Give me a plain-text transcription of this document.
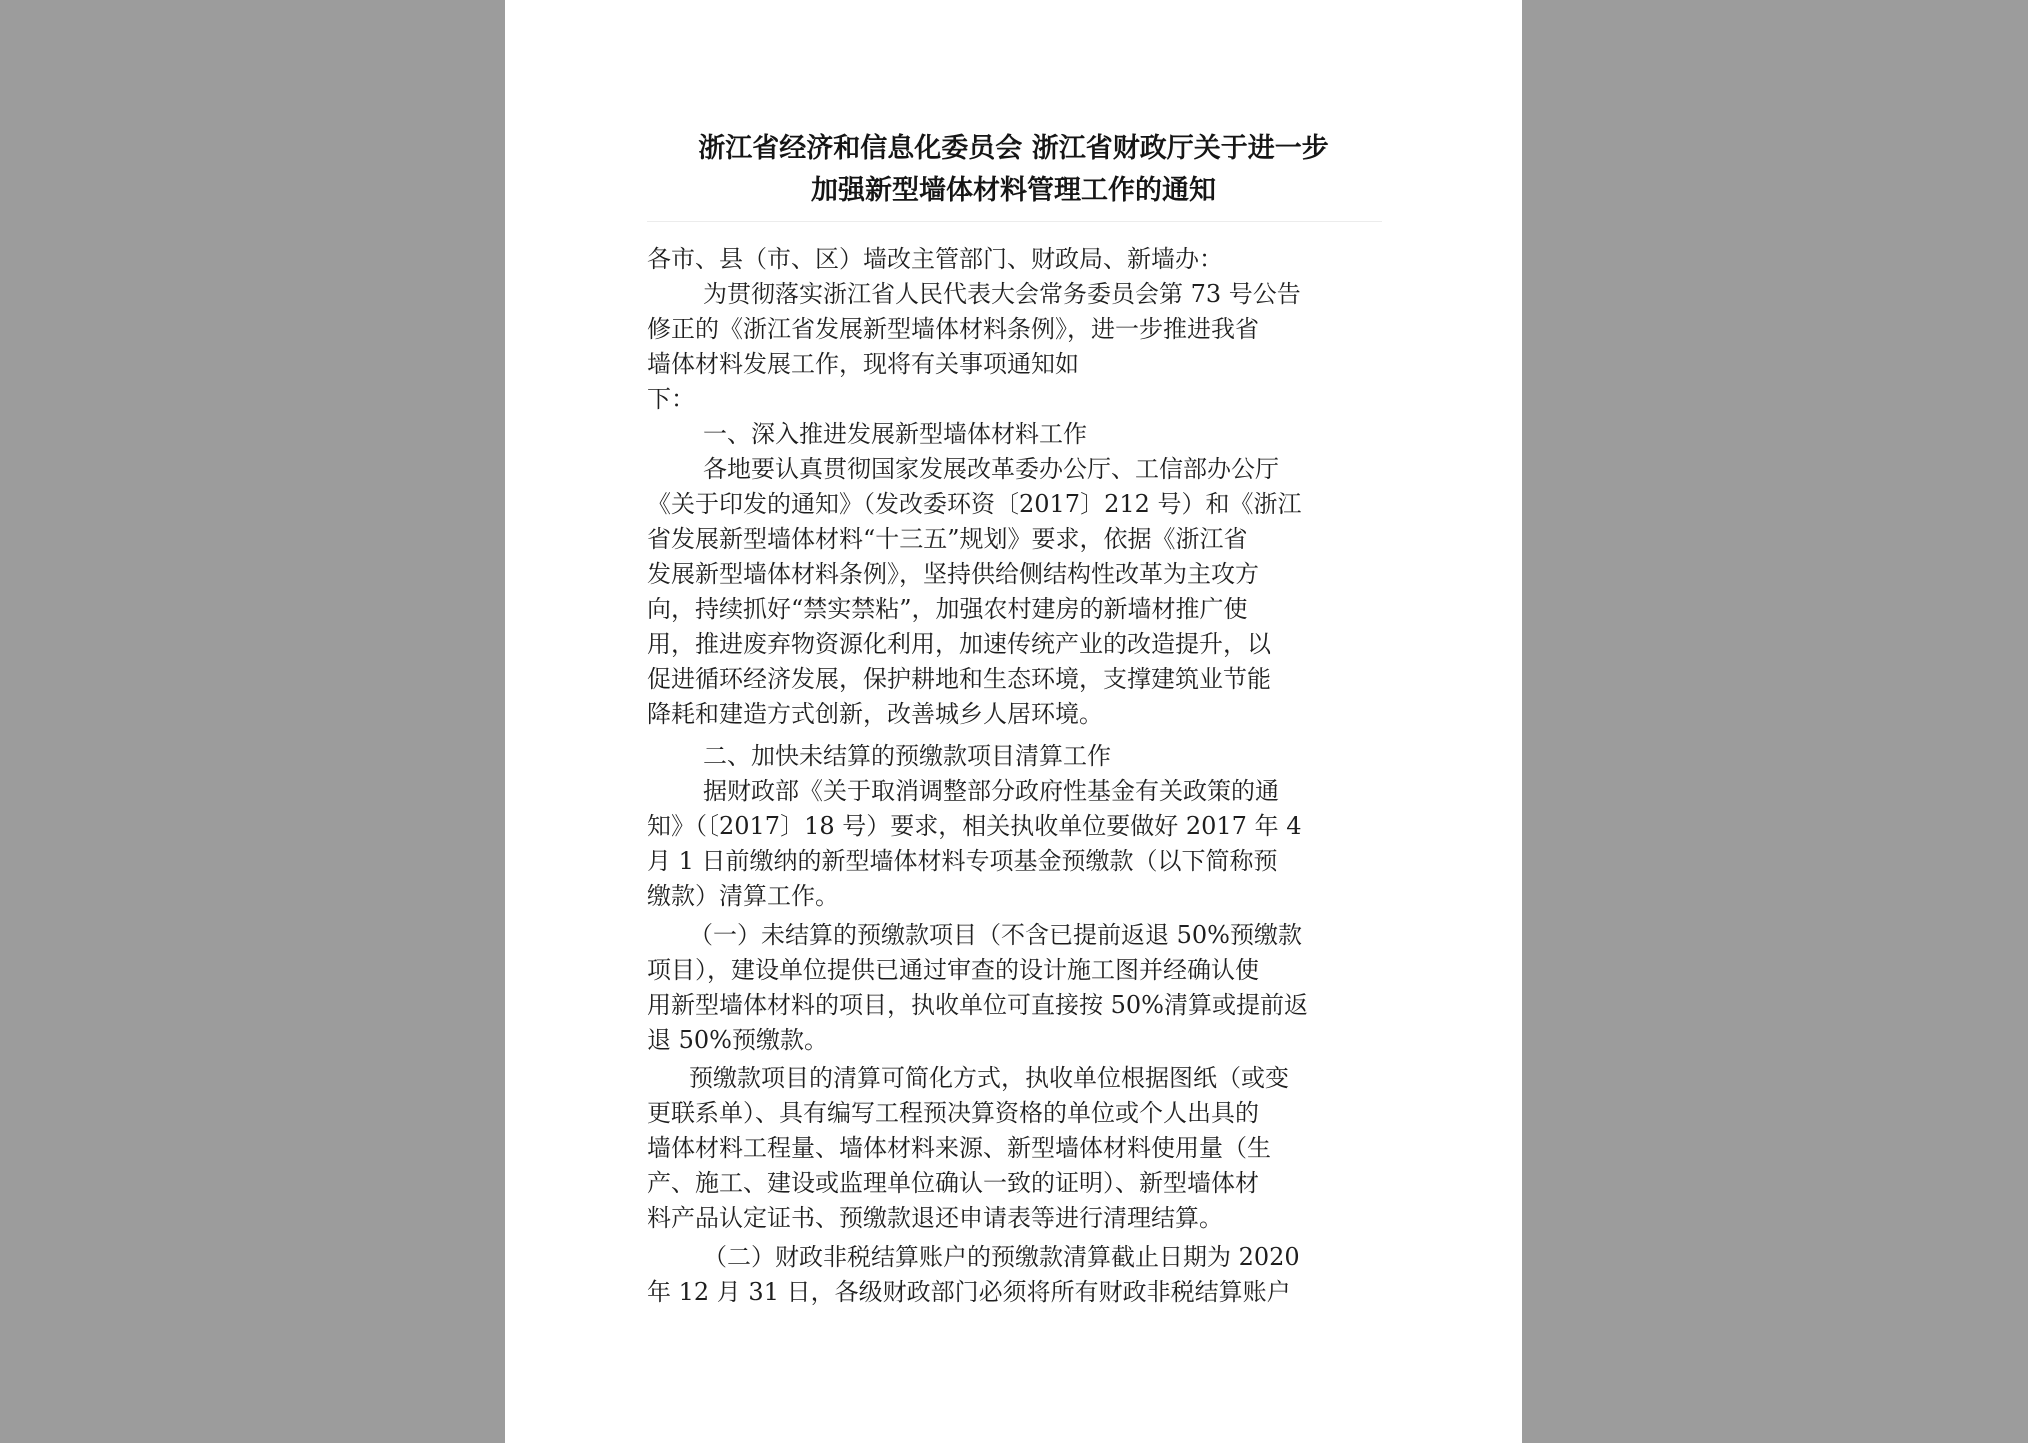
浙江省经济和信息化委员会 浙江省财政厅关于进一步
加强新型墙体材料管理工作的通知
各市、县（市、区）墙改主管部门、财政局、新墙办：
为贯彻落实浙江省人民代表大会常务委员会第 73 号公告
修正的《浙江省发展新型墙体材料条例》，进一步推进我省
墙体材料发展工作，现将有关事项通知如
下：
一、深入推进发展新型墙体材料工作
各地要认真贯彻国家发展改革委办公厅、工信部办公厅
《关于印发的通知》（发改委环资〔2017〕212 号）和《浙江
省发展新型墙体材料“十三五”规划》要求，依据《浙江省
发展新型墙体材料条例》，坚持供给侧结构性改革为主攻方
向，持续抓好“禁实禁粘”，加强农村建房的新墙材推广使
用，推进废弃物资源化利用，加速传统产业的改造提升，以
促进循环经济发展，保护耕地和生态环境，支撑建筑业节能
降耗和建造方式创新，改善城乡人居环境。
二、加快未结算的预缴款项目清算工作
据财政部《关于取消调整部分政府性基金有关政策的通
知》（〔2017〕18 号）要求，相关执收单位要做好 2017 年 4
月 1 日前缴纳的新型墙体材料专项基金预缴款（以下简称预
缴款）清算工作。
（一）未结算的预缴款项目（不含已提前返退 50%预缴款
项目），建设单位提供已通过审查的设计施工图并经确认使
用新型墙体材料的项目，执收单位可直接按 50%清算或提前返
退 50%预缴款。
预缴款项目的清算可简化方式，执收单位根据图纸（或变
更联系单）、具有编写工程预决算资格的单位或个人出具的
墙体材料工程量、墙体材料来源、新型墙体材料使用量（生
产、施工、建设或监理单位确认一致的证明）、新型墙体材
料产品认定证书、预缴款退还申请表等进行清理结算。
（二）财政非税结算账户的预缴款清算截止日期为 2020
年 12 月 31 日，各级财政部门必须将所有财政非税结算账户
